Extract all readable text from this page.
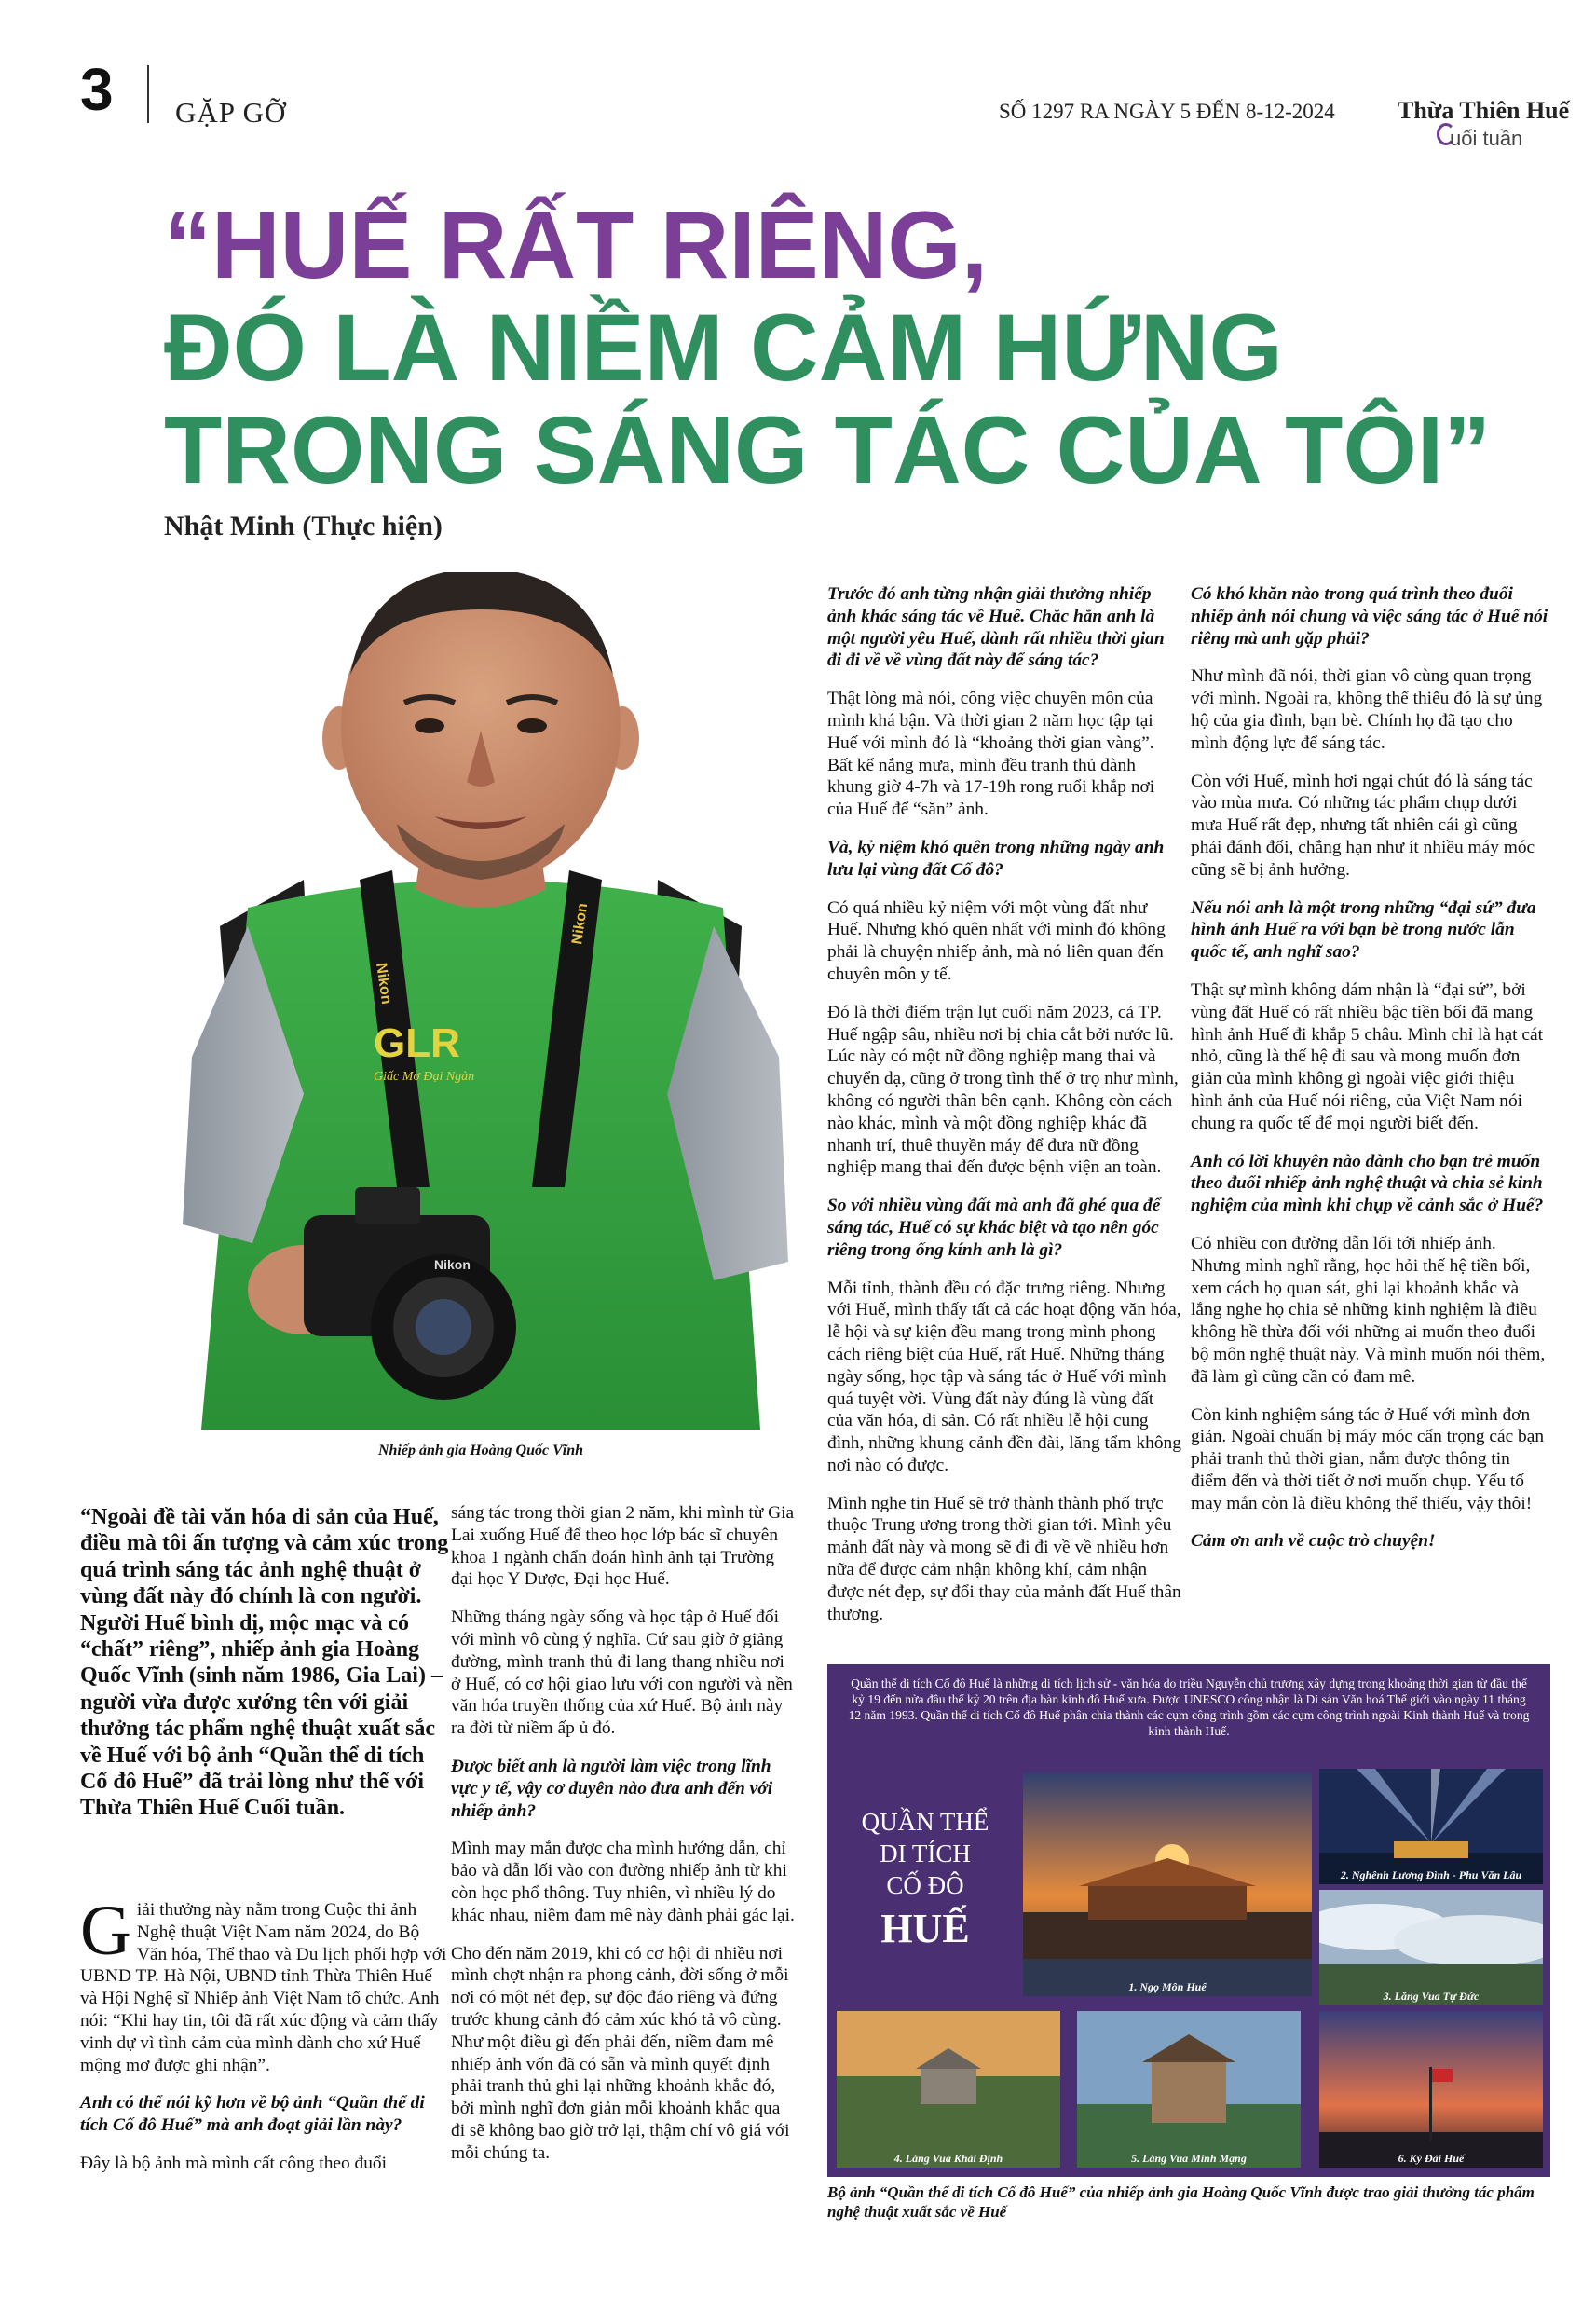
3 GẶP GỠ	SỐ 1297 RA NGÀY 5 ĐẾN 8-12-2024	Thừa Thiên Huế
uối tuần
“HUẾ RẤT RIÊNG,
ĐÓ LÀ NIỀM CẢM HỨNG
TRONG SÁNG TÁC CỦA TÔI”
Nhật Minh (Thực hiện)
Nikon
Nikon
GLR
Giấc Mơ Đại Ngàn
Nikon
Nhiếp ảnh gia Hoàng Quốc Vĩnh

“Ngoài đề tài văn hóa di sản của Huế, điều mà tôi ấn tượng và cảm xúc trong quá trình sáng tác ảnh nghệ thuật ở vùng đất này đó chính là con người. Người Huế bình dị, mộc mạc và có “chất” riêng”, nhiếp ảnh gia Hoàng Quốc Vĩnh (sinh năm 1986, Gia Lai) – người vừa được xướng tên với giải thưởng tác phẩm nghệ thuật xuất sắc về Huế với bộ ảnh “Quần thể di tích Cố đô Huế” đã trải lòng như thế với Thừa Thiên Huế Cuối tuần.

Giải thưởng này nằm trong Cuộc thi ảnh Nghệ thuật Việt Nam năm 2024, do Bộ Văn hóa, Thể thao và Du lịch phối hợp với UBND TP. Hà Nội, UBND tỉnh Thừa Thiên Huế và Hội Nghệ sĩ Nhiếp ảnh Việt Nam tổ chức. Anh nói: “Khi hay tin, tôi đã rất xúc động và cảm thấy vinh dự vì tình cảm của mình dành cho xứ Huế mộng mơ được ghi nhận”.

Anh có thể nói kỹ hơn về bộ ảnh “Quần thể di tích Cố đô Huế” mà anh đoạt giải lần này?

Đây là bộ ảnh mà mình cất công theo đuổi

sáng tác trong thời gian 2 năm, khi mình từ Gia Lai xuống Huế để theo học lớp bác sĩ chuyên khoa 1 ngành chẩn đoán hình ảnh tại Trường đại học Y Dược, Đại học Huế.

Những tháng ngày sống và học tập ở Huế đối với mình vô cùng ý nghĩa. Cứ sau giờ ở giảng đường, mình tranh thủ đi lang thang nhiều nơi ở Huế, có cơ hội giao lưu với con người và nền văn hóa truyền thống của xứ Huế. Bộ ảnh này ra đời từ niềm ấp ủ đó.

Được biết anh là người làm việc trong lĩnh vực y tế, vậy cơ duyên nào đưa anh đến với nhiếp ảnh?

Mình may mắn được cha mình hướng dẫn, chỉ bảo và dẫn lối vào con đường nhiếp ảnh từ khi còn học phổ thông. Tuy nhiên, vì nhiều lý do khác nhau, niềm đam mê này đành phải gác lại.

Cho đến năm 2019, khi có cơ hội đi nhiều nơi mình chợt nhận ra phong cảnh, đời sống ở mỗi nơi có một nét đẹp, sự độc đáo riêng và đứng trước khung cảnh đó cảm xúc khó tả vô cùng. Như một điều gì đến phải đến, niềm đam mê nhiếp ảnh vốn đã có sẵn và mình quyết định phải tranh thủ ghi lại những khoảnh khắc đó, bởi mình nghĩ đơn giản mỗi khoảnh khắc qua đi sẽ không bao giờ trở lại, thậm chí vô giá với mỗi chúng ta.

Trước đó anh từng nhận giải thưởng nhiếp ảnh khác sáng tác về Huế. Chắc hẳn anh là một người yêu Huế, dành rất nhiều thời gian đi đi về về vùng đất này để sáng tác?

Thật lòng mà nói, công việc chuyên môn của mình khá bận. Và thời gian 2 năm học tập tại Huế với mình đó là “khoảng thời gian vàng”. Bất kể nắng mưa, mình đều tranh thủ dành khung giờ 4-7h và 17-19h rong ruổi khắp nơi của Huế để “săn” ảnh.

Và, kỷ niệm khó quên trong những ngày anh lưu lại vùng đất Cố đô?

Có quá nhiều kỷ niệm với một vùng đất như Huế. Nhưng khó quên nhất với mình đó không phải là chuyện nhiếp ảnh, mà nó liên quan đến chuyên môn y tế.

Đó là thời điểm trận lụt cuối năm 2023, cả TP. Huế ngập sâu, nhiều nơi bị chia cắt bởi nước lũ. Lúc này có một nữ đồng nghiệp mang thai và chuyển dạ, cũng ở trong tình thế ở trọ như mình, không có người thân bên cạnh. Không còn cách nào khác, mình và một đồng nghiệp khác đã nhanh trí, thuê thuyền máy để đưa nữ đồng nghiệp mang thai đến được bệnh viện an toàn.

So với nhiều vùng đất mà anh đã ghé qua để sáng tác, Huế có sự khác biệt và tạo nên góc riêng trong ống kính anh là gì?

Mỗi tỉnh, thành đều có đặc trưng riêng. Nhưng với Huế, mình thấy tất cả các hoạt động văn hóa, lễ hội và sự kiện đều mang trong mình phong cách riêng biệt của Huế, rất Huế. Những tháng ngày sống, học tập và sáng tác ở Huế với mình quá tuyệt vời. Vùng đất này đúng là vùng đất của văn hóa, di sản. Có rất nhiều lễ hội cung đình, những khung cảnh đền đài, lăng tẩm không nơi nào có được.

Mình nghe tin Huế sẽ trở thành thành phố trực thuộc Trung ương trong thời gian tới. Mình yêu mảnh đất này và mong sẽ đi đi về về nhiều hơn nữa để được cảm nhận không khí, cảm nhận được nét đẹp, sự đổi thay của mảnh đất Huế thân thương.

Có khó khăn nào trong quá trình theo đuổi nhiếp ảnh nói chung và việc sáng tác ở Huế nói riêng mà anh gặp phải?

Như mình đã nói, thời gian vô cùng quan trọng với mình. Ngoài ra, không thể thiếu đó là sự ủng hộ của gia đình, bạn bè. Chính họ đã tạo cho mình động lực để sáng tác.

Còn với Huế, mình hơi ngại chút đó là sáng tác vào mùa mưa. Có những tác phẩm chụp dưới mưa Huế rất đẹp, nhưng tất nhiên cái gì cũng phải đánh đổi, chẳng hạn như ít nhiều máy móc cũng sẽ bị ảnh hưởng.

Nếu nói anh là một trong những “đại sứ” đưa hình ảnh Huế ra với bạn bè trong nước lẫn quốc tế, anh nghĩ sao?

Thật sự mình không dám nhận là “đại sứ”, bởi vùng đất Huế có rất nhiều bậc tiền bối đã mang hình ảnh Huế đi khắp 5 châu. Mình chỉ là hạt cát nhỏ, cũng là thế hệ đi sau và mong muốn đơn giản của mình không gì ngoài việc giới thiệu hình ảnh của Huế nói riêng, của Việt Nam nói chung ra quốc tế để mọi người biết đến.

Anh có lời khuyên nào dành cho bạn trẻ muốn theo đuổi nhiếp ảnh nghệ thuật và chia sẻ kinh nghiệm của mình khi chụp về cảnh sắc ở Huế?

Có nhiều con đường dẫn lối tới nhiếp ảnh. Nhưng mình nghĩ rằng, học hỏi thế hệ tiền bối, xem cách họ quan sát, ghi lại khoảnh khắc và lắng nghe họ chia sẻ những kinh nghiệm là điều không hề thừa đối với những ai muốn theo đuổi bộ môn nghệ thuật này. Và mình muốn nói thêm, đã làm gì cũng cần có đam mê.

Còn kinh nghiệm sáng tác ở Huế với mình đơn giản. Ngoài chuẩn bị máy móc cẩn trọng các bạn phải tranh thủ thời gian, nắm được thông tin điểm đến và thời tiết ở nơi muốn chụp. Yếu tố may mắn còn là điều không thể thiếu, vậy thôi!

Cảm ơn anh về cuộc trò chuyện!

Quần thể di tích Cố đô Huế là những di tích lịch sử - văn hóa do triều Nguyễn chủ trương xây dựng trong khoảng thời gian từ đầu thế kỷ 19 đến nửa đầu thế kỷ 20 trên địa bàn kinh đô Huế xưa. Được UNESCO công nhận là Di sản Văn hoá Thế giới vào ngày 11 tháng 12 năm 1993. Quần thể di tích Cố đô Huế phân chia thành các cụm công trình gồm các cụm công trình ngoài Kinh thành Huế và trong kinh thành Huế.
QUẦN THỂ
DI TÍCH
CỐ ĐÔ
HUẾ
1. Ngọ Môn Huế
2. Nghênh Lương Đình - Phu Văn Lâu
3. Lăng Vua Tự Đức
4. Lăng Vua Khải Định	5. Lăng Vua Minh Mạng	6. Kỳ Đài Huế
Bộ ảnh “Quần thể di tích Cố đô Huế” của nhiếp ảnh gia Hoàng Quốc Vĩnh được trao giải thưởng tác phẩm nghệ thuật xuất sắc về Huế
